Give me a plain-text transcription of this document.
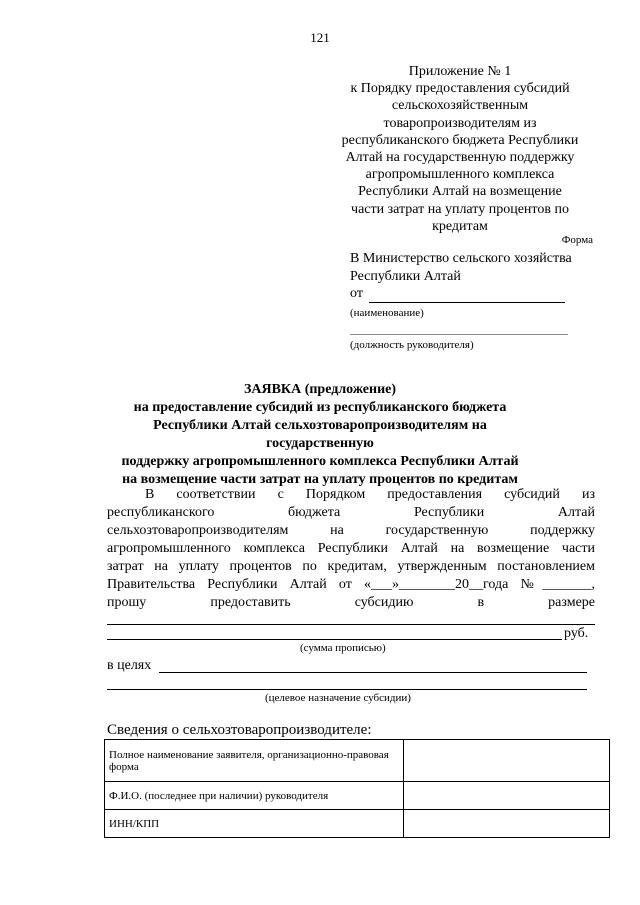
121
Приложение № 1
к Порядку предоставления субсидий
сельскохозяйственным
товаропроизводителям из
республиканского бюджета Республики
Алтай на государственную поддержку
агропромышленного комплекса
Республики Алтай на возмещение
части затрат на уплату процентов по
кредитам
Форма
В Министерство сельского хозяйства
Республики Алтай
от
(наименование)
(должность руководителя)
ЗАЯВКА (предложение)
на предоставление субсидий из республиканского бюджета
Республики Алтай сельхозтоваропроизводителям на государственную
поддержку агропромышленного комплекса Республики Алтай
на возмещение части затрат на уплату процентов по кредитам
В соответствии с Порядком предоставления субсидий из
республиканского бюджета Республики Алтай
сельхозтоваропроизводителям на государственную поддержку
агропромышленного комплекса Республики Алтай на возмещение части
затрат на уплату процентов по кредитам, утвержденным постановлением
Правительства Республики Алтай от «___»________20__года №_______,
прошу предоставить субсидию в размере
руб.
(сумма прописью)
в целях
(целевое назначение субсидии)
Сведения о сельхозтоваропроизводителе:
Полное наименование заявителя, организационно-правовая форма	
Ф.И.О. (последнее при наличии) руководителя	
ИНН/КПП	
